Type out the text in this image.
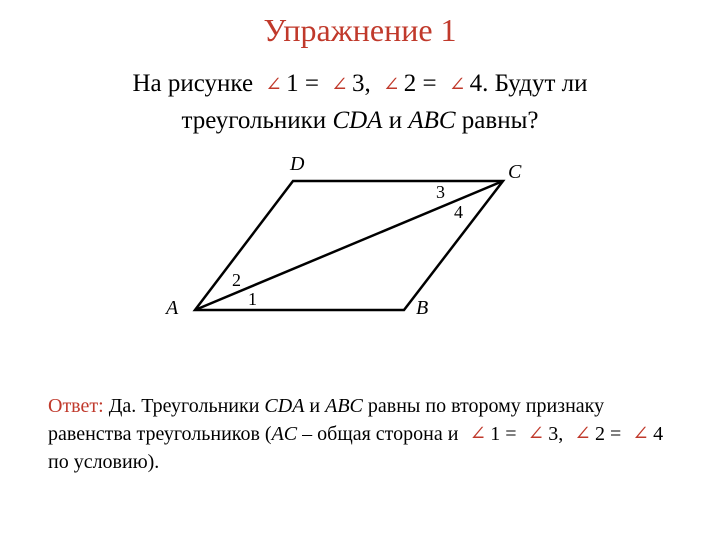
Упражнение 1
На рисунке ∠ 1 = ∠ 3, ∠ 2 = ∠ 4. Будут ли
треугольники CDA и ABC равны?
D	C
A	B
1
2
3
4
Ответ: Да. Треугольники CDA и ABC равны по второму признаку равенства треугольников (AC – общая сторона и ∠ 1 = ∠ 3, ∠ 2 = ∠ 4 по условию).
